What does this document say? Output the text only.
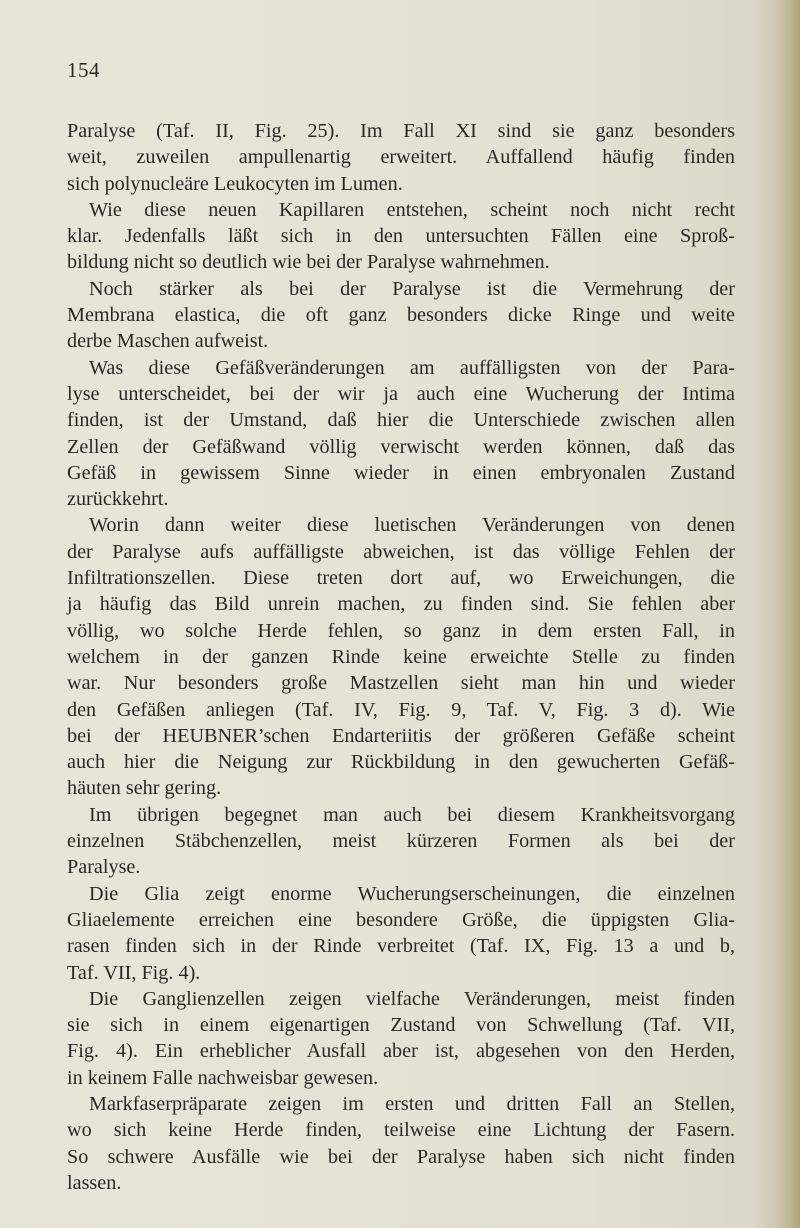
154
Paralyse (Taf. II, Fig. 25). Im Fall XI sind sie ganz besonders
weit, zuweilen ampullenartig erweitert. Auffallend häufig finden
sich polynucleäre Leukocyten im Lumen.
Wie diese neuen Kapillaren entstehen, scheint noch nicht recht
klar. Jedenfalls läßt sich in den untersuchten Fällen eine Sproß-
bildung nicht so deutlich wie bei der Paralyse wahrnehmen.
Noch stärker als bei der Paralyse ist die Vermehrung der
Membrana elastica, die oft ganz besonders dicke Ringe und weite
derbe Maschen aufweist.
Was diese Gefäßveränderungen am auffälligsten von der Para-
lyse unterscheidet, bei der wir ja auch eine Wucherung der Intima
finden, ist der Umstand, daß hier die Unterschiede zwischen allen
Zellen der Gefäßwand völlig verwischt werden können, daß das
Gefäß in gewissem Sinne wieder in einen embryonalen Zustand
zurückkehrt.
Worin dann weiter diese luetischen Veränderungen von denen
der Paralyse aufs auffälligste abweichen, ist das völlige Fehlen der
Infiltrationszellen. Diese treten dort auf, wo Erweichungen, die
ja häufig das Bild unrein machen, zu finden sind. Sie fehlen aber
völlig, wo solche Herde fehlen, so ganz in dem ersten Fall, in
welchem in der ganzen Rinde keine erweichte Stelle zu finden
war. Nur besonders große Mastzellen sieht man hin und wieder
den Gefäßen anliegen (Taf. IV, Fig. 9, Taf. V, Fig. 3 d). Wie
bei der HEUBNER’schen Endarteriitis der größeren Gefäße scheint
auch hier die Neigung zur Rückbildung in den gewucherten Gefäß-
häuten sehr gering.
Im übrigen begegnet man auch bei diesem Krankheitsvorgang
einzelnen Stäbchenzellen, meist kürzeren Formen als bei der
Paralyse.
Die Glia zeigt enorme Wucherungserscheinungen, die einzelnen
Gliaelemente erreichen eine besondere Größe, die üppigsten Glia-
rasen finden sich in der Rinde verbreitet (Taf. IX, Fig. 13 a und b,
Taf. VII, Fig. 4).
Die Ganglienzellen zeigen vielfache Veränderungen, meist finden
sie sich in einem eigenartigen Zustand von Schwellung (Taf. VII,
Fig. 4). Ein erheblicher Ausfall aber ist, abgesehen von den Herden,
in keinem Falle nachweisbar gewesen.
Markfaserpräparate zeigen im ersten und dritten Fall an Stellen,
wo sich keine Herde finden, teilweise eine Lichtung der Fasern.
So schwere Ausfälle wie bei der Paralyse haben sich nicht finden
lassen.
